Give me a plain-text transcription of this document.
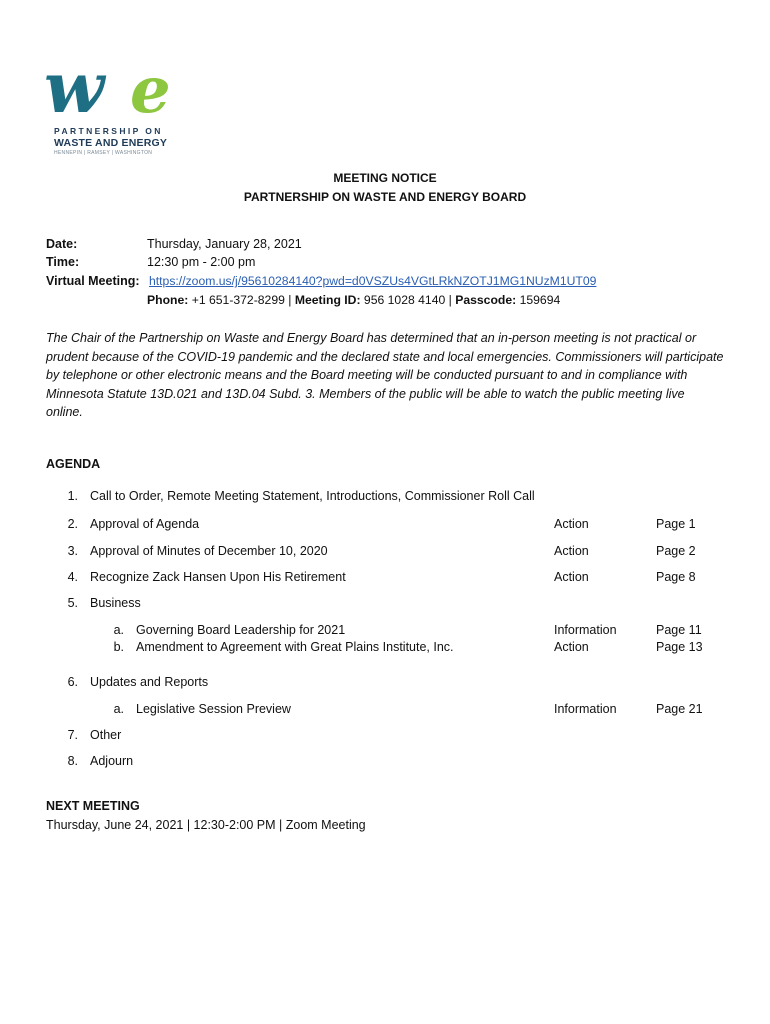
w e
PARTNERSHIP ON
WASTE AND ENERGY
HENNEPIN | RAMSEY | WASHINGTON
MEETING NOTICE
PARTNERSHIP ON WASTE AND ENERGY BOARD
Date:	Thursday, January 28, 2021
Time:	12:30 pm - 2:00 pm
Virtual Meeting: https://zoom.us/j/95610284140?pwd=d0VSZUs4VGtLRkNZOTJ1MG1NUzM1UT09
Phone: +1 651-372-8299 | Meeting ID: 956 1028 4140 | Passcode: 159694
The Chair of the Partnership on Waste and Energy Board has determined that an in-person meeting is not practical or
prudent because of the COVID-19 pandemic and the declared state and local emergencies. Commissioners will participate
by telephone or other electronic means and the Board meeting will be conducted pursuant to and in compliance with
Minnesota Statute 13D.021 and 13D.04 Subd. 3. Members of the public will be able to watch the public meeting live
online.
AGENDA
1. Call to Order, Remote Meeting Statement, Introductions, Commissioner Roll Call
2. Approval of Agenda	Action	Page 1
3. Approval of Minutes of December 10, 2020	Action	Page 2
4. Recognize Zack Hansen Upon His Retirement	Action	Page 8
5. Business
a. Governing Board Leadership for 2021	Information	Page 11
b. Amendment to Agreement with Great Plains Institute, Inc.	Action	Page 13
6. Updates and Reports
a. Legislative Session Preview	Information	Page 21
7. Other
8. Adjourn
NEXT MEETING
Thursday, June 24, 2021 | 12:30-2:00 PM | Zoom Meeting
